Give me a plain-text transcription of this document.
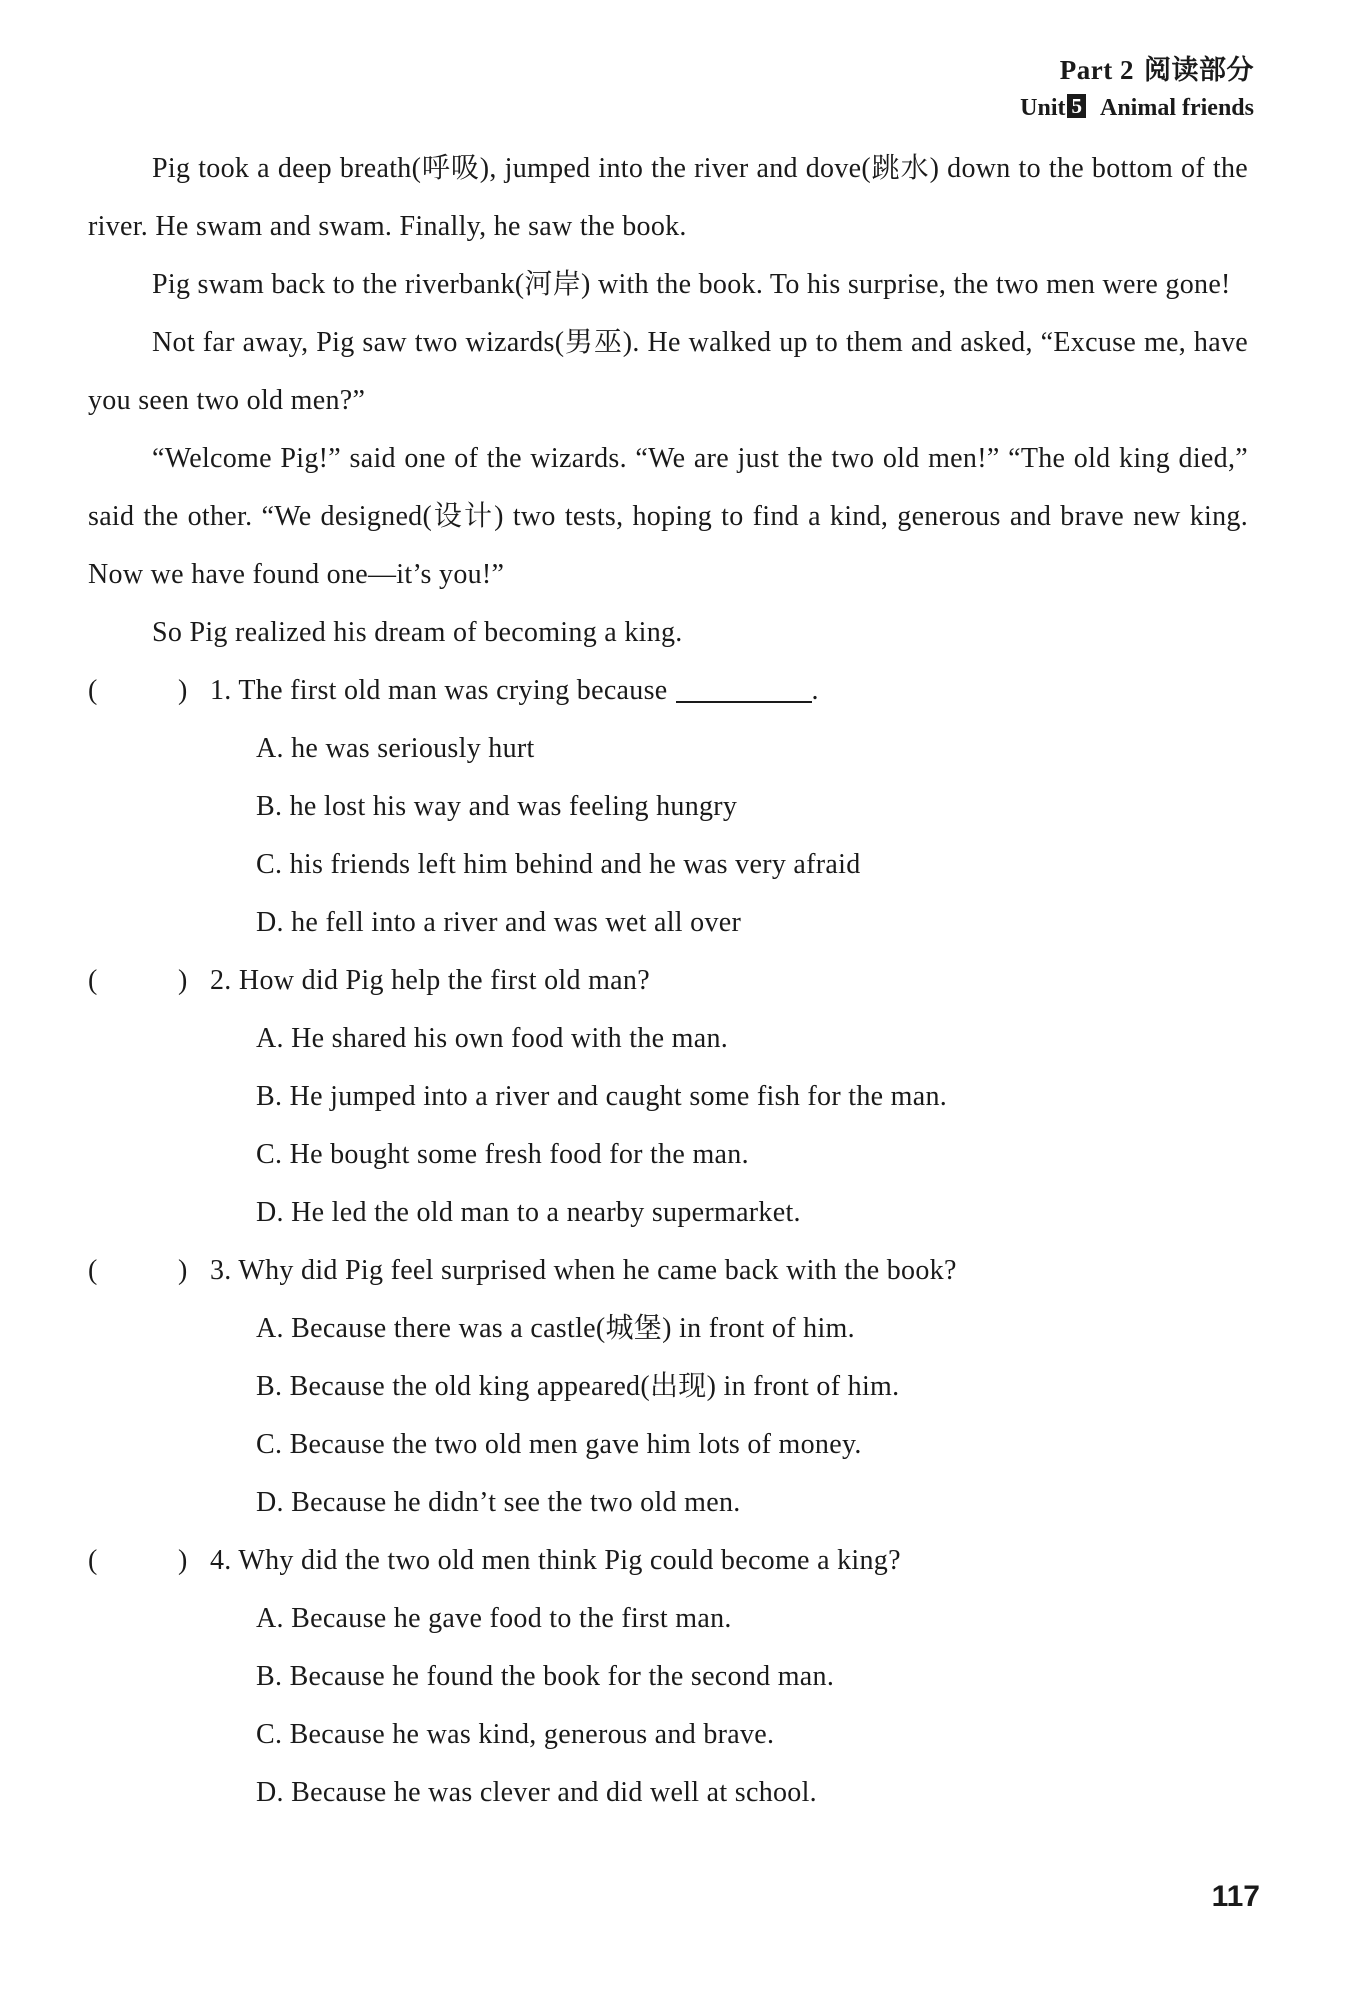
Part 2 阅读部分
Unit 5 Animal friends

Pig took a deep breath(呼吸), jumped into the river and dove(跳水) down to the bottom of the river. He swam and swam. Finally, he saw the book.

Pig swam back to the riverbank(河岸) with the book. To his surprise, the two men were gone!

Not far away, Pig saw two wizards(男巫). He walked up to them and asked, “Excuse me, have you seen two old men?”

“Welcome Pig!” said one of the wizards. “We are just the two old men!” “The old king died,” said the other. “We designed(设计) two tests, hoping to find a kind, generous and brave new king. Now we have found one—it’s you!”

So Pig realized his dream of becoming a king.

(	) 1. The first old man was crying because	.
A. he was seriously hurt
B. he lost his way and was feeling hungry
C. his friends left him behind and he was very afraid
D. he fell into a river and was wet all over
(	) 2. How did Pig help the first old man?
A. He shared his own food with the man.
B. He jumped into a river and caught some fish for the man.
C. He bought some fresh food for the man.
D. He led the old man to a nearby supermarket.
(	) 3. Why did Pig feel surprised when he came back with the book?
A. Because there was a castle(城堡) in front of him.
B. Because the old king appeared(出现) in front of him.
C. Because the two old men gave him lots of money.
D. Because he didn’t see the two old men.
(	) 4. Why did the two old men think Pig could become a king?
A. Because he gave food to the first man.
B. Because he found the book for the second man.
C. Because he was kind, generous and brave.
D. Because he was clever and did well at school.
117
